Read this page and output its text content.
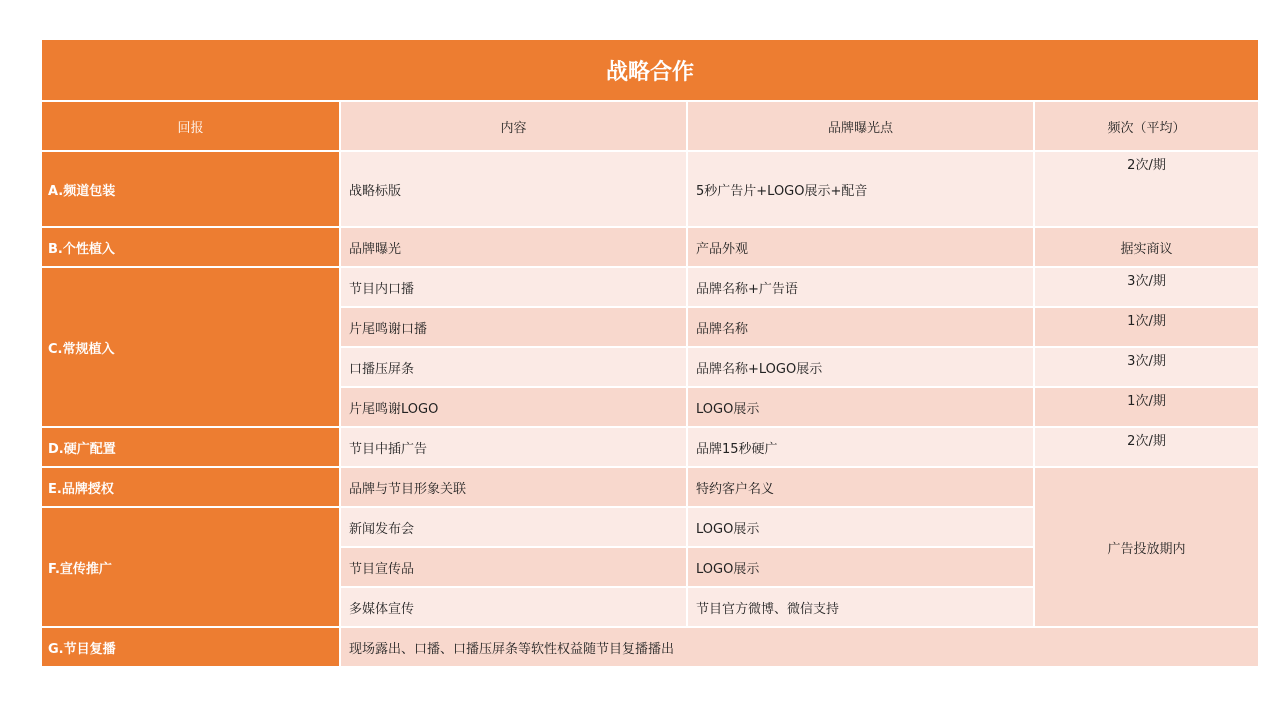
战略合作			
回报	内容	品牌曝光点	频次（平均）
A.频道包装	战略标版	5秒广告片+LOGO展示+配音	2次/期
B.个性植入	品牌曝光	产品外观	据实商议
C.常规植入	节目内口播	品牌名称+广告语	3次/期
	片尾鸣谢口播	品牌名称	1次/期
	口播压屏条	品牌名称+LOGO展示	3次/期
	片尾鸣谢LOGO	LOGO展示	1次/期
D.硬广配置	节目中插广告	品牌15秒硬广	2次/期
E.品牌授权	品牌与节目形象关联	特约客户名义	广告投放期内
F.宣传推广	新闻发布会	LOGO展示	
	节目宣传品	LOGO展示	
	多媒体宣传	节目官方微博、微信支持	
G.节目复播	现场露出、口播、口播压屏条等软性权益随节目复播播出		
